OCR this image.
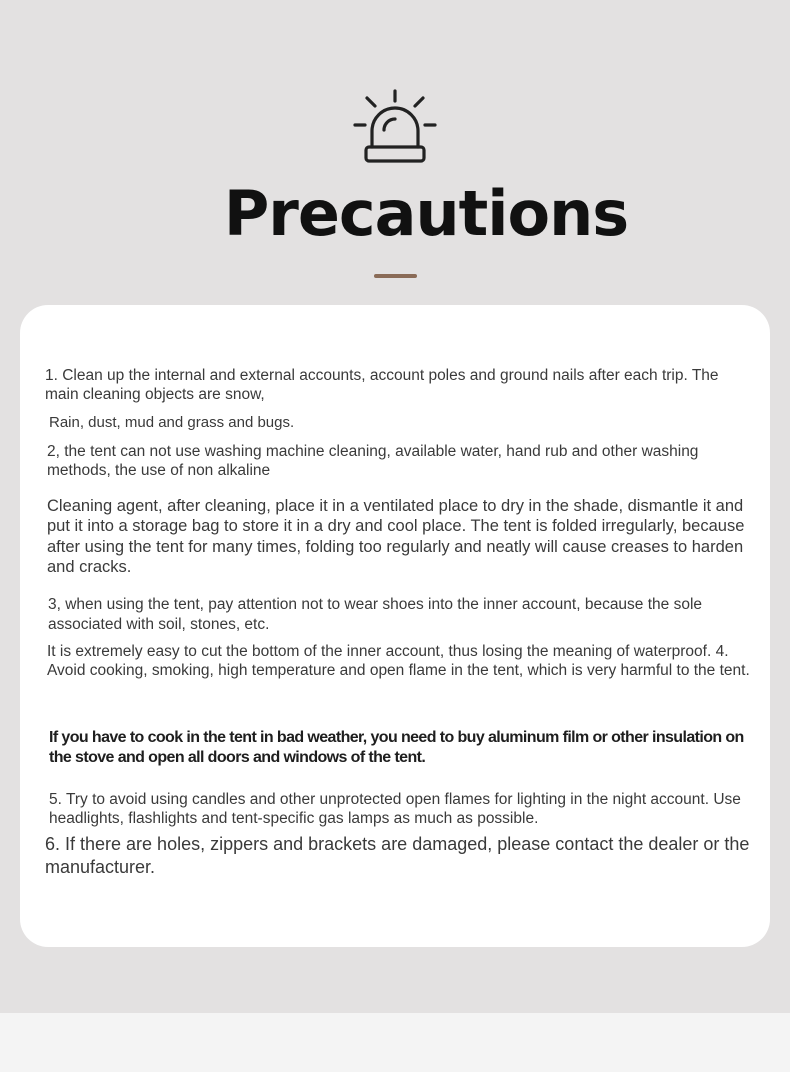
Precautions

1. Clean up the internal and external accounts, account poles and ground nails after each trip. The main cleaning objects are snow,

Rain, dust, mud and grass and bugs.

2, the tent can not use washing machine cleaning, available water, hand rub and other washing methods, the use of non alkaline

Cleaning agent, after cleaning, place it in a ventilated place to dry in the shade, dismantle it and put it into a storage bag to store it in a dry and cool place. The tent is folded irregularly, because after using the tent for many times, folding too regularly and neatly will cause creases to harden and cracks.

3, when using the tent, pay attention not to wear shoes into the inner account, because the sole associated with soil, stones, etc.

It is extremely easy to cut the bottom of the inner account, thus losing the meaning of waterproof. 4. Avoid cooking, smoking, high temperature and open flame in the tent, which is very harmful to the tent.

If you have to cook in the tent in bad weather, you need to buy aluminum film or other insulation on the stove and open all doors and windows of the tent.

5. Try to avoid using candles and other unprotected open flames for lighting in the night account. Use headlights, flashlights and tent-specific gas lamps as much as possible.

6. If there are holes, zippers and brackets are damaged, please contact the dealer or the manufacturer.
